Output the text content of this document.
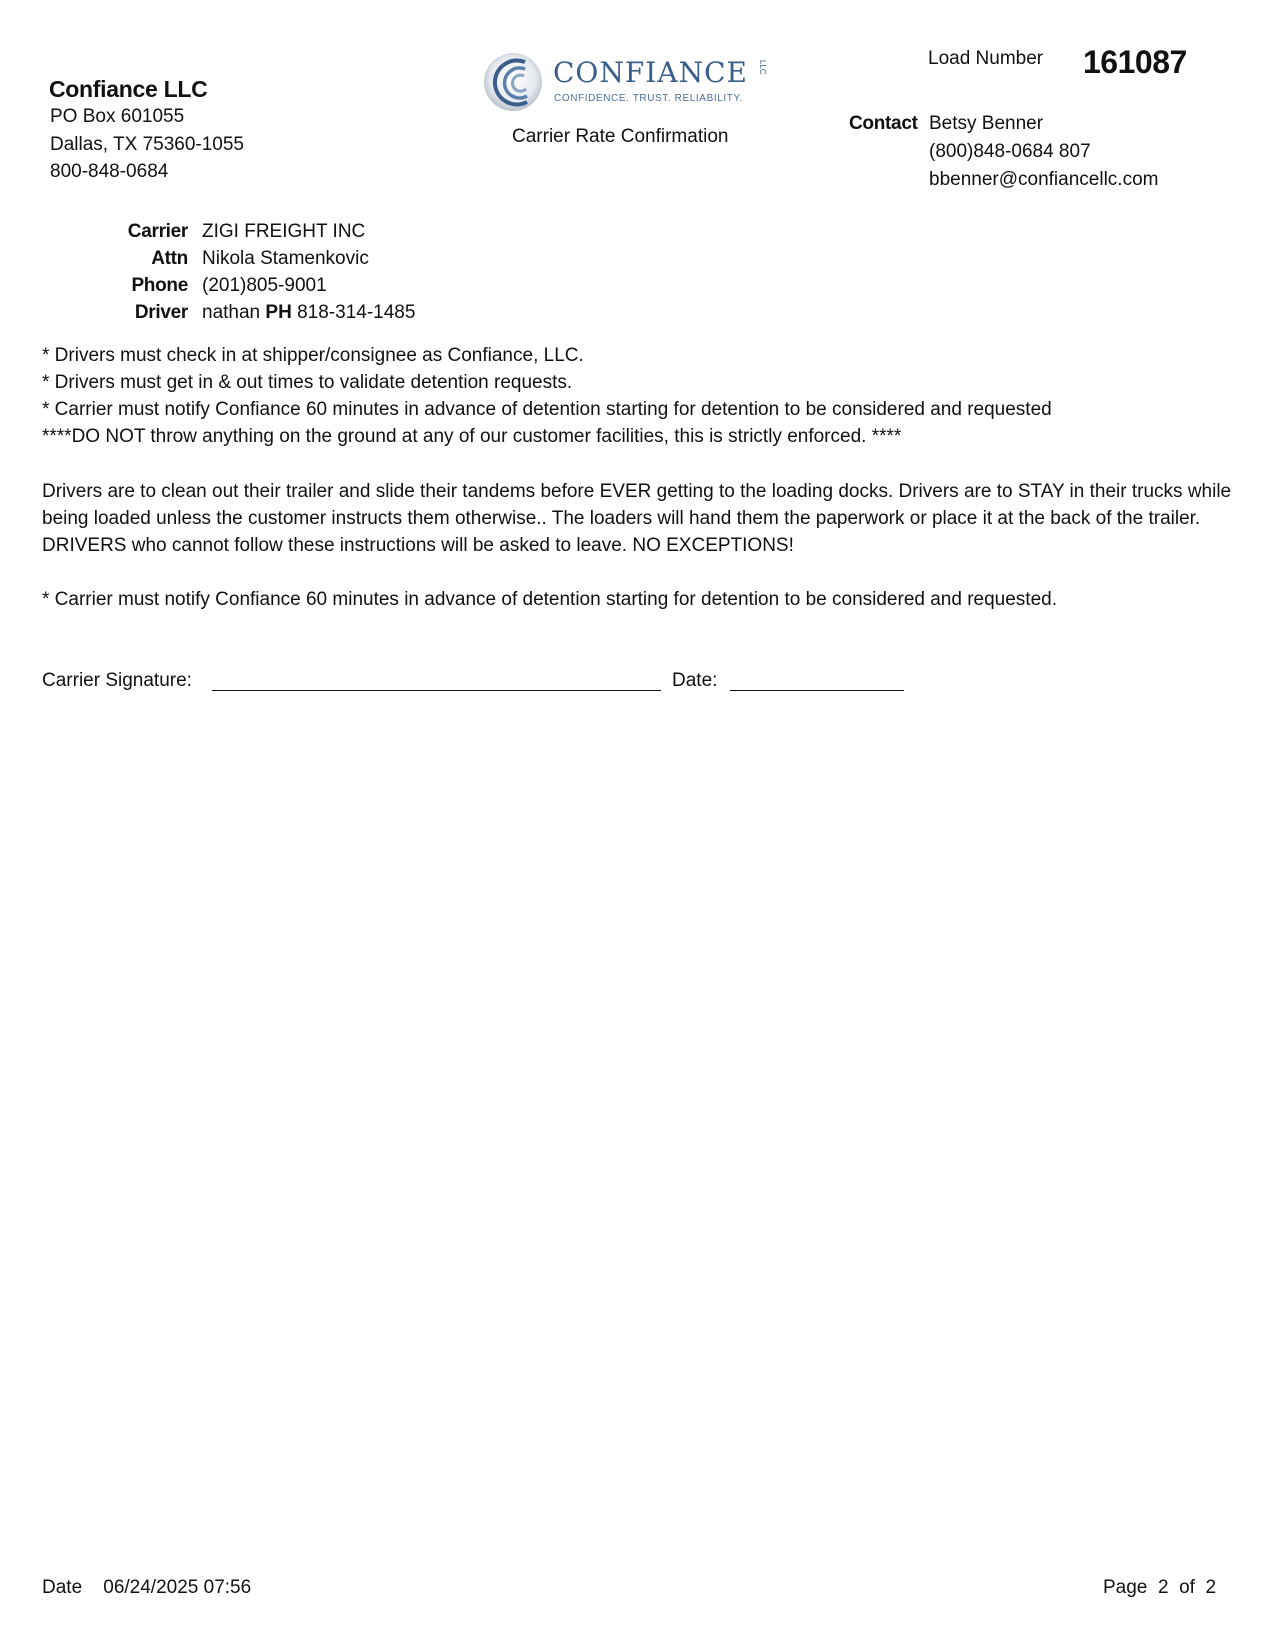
Confiance LLC
PO Box 601055
Dallas, TX 75360-1055
800-848-0684
CONFIANCE LLC
CONFIDENCE. TRUST. RELIABILITY.
Carrier Rate Confirmation
Load Number 161087
Contact Betsy Benner
(800)848-0684 807
bbenner@confiancellc.com
Carrier ZIGI FREIGHT INC
Attn Nikola Stamenkovic
Phone (201)805-9001
Driver nathan PH 818-314-1485
* Drivers must check in at shipper/consignee as Confiance, LLC.
* Drivers must get in & out times to validate detention requests.
* Carrier must notify Confiance 60 minutes in advance of detention starting for detention to be considered and requested
****DO NOT throw anything on the ground at any of our customer facilities, this is strictly enforced. ****
Drivers are to clean out their trailer and slide their tandems before EVER getting to the loading docks. Drivers are to STAY in their trucks while being loaded unless the customer instructs them otherwise.. The loaders will hand them the paperwork or place it at the back of the trailer. DRIVERS who cannot follow these instructions will be asked to leave. NO EXCEPTIONS!
* Carrier must notify Confiance 60 minutes in advance of detention starting for detention to be considered and requested.
Carrier Signature:	Date:
Date 06/24/2025 07:56	Page 2 of 2
